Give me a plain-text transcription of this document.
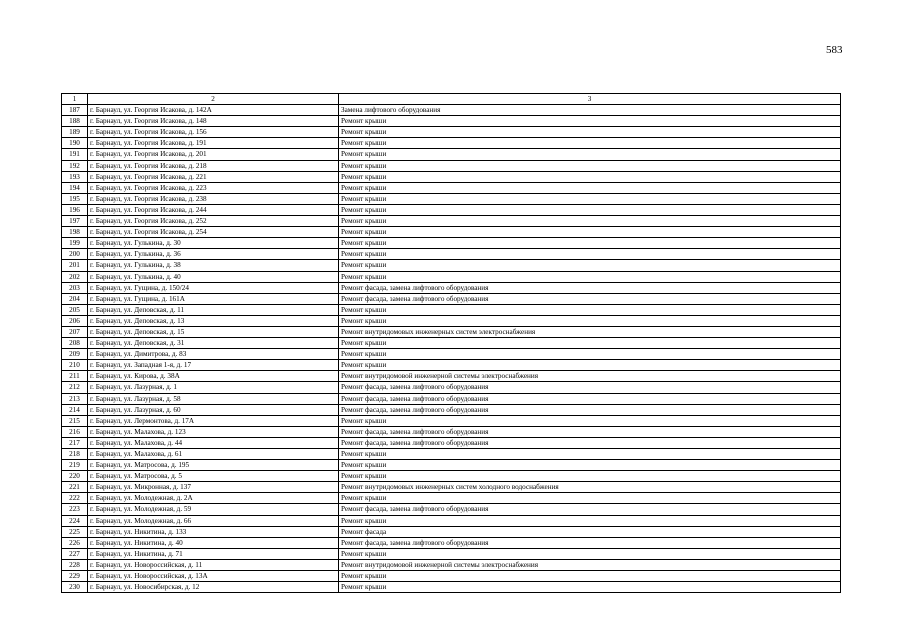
583
1	2	3
187	г. Барнаул, ул. Георгия Исакова, д. 142А	Замена лифтового оборудования
188	г. Барнаул, ул. Георгия Исакова, д. 148	Ремонт крыши
189	г. Барнаул, ул. Георгия Исакова, д. 156	Ремонт крыши
190	г. Барнаул, ул. Георгия Исакова, д. 191	Ремонт крыши
191	г. Барнаул, ул. Георгия Исакова, д. 201	Ремонт крыши
192	г. Барнаул, ул. Георгия Исакова, д. 218	Ремонт крыши
193	г. Барнаул, ул. Георгия Исакова, д. 221	Ремонт крыши
194	г. Барнаул, ул. Георгия Исакова, д. 223	Ремонт крыши
195	г. Барнаул, ул. Георгия Исакова, д. 238	Ремонт крыши
196	г. Барнаул, ул. Георгия Исакова, д. 244	Ремонт крыши
197	г. Барнаул, ул. Георгия Исакова, д. 252	Ремонт крыши
198	г. Барнаул, ул. Георгия Исакова, д. 254	Ремонт крыши
199	г. Барнаул, ул. Гулькина, д. 30	Ремонт крыши
200	г. Барнаул, ул. Гулькина, д. 36	Ремонт крыши
201	г. Барнаул, ул. Гулькина, д. 38	Ремонт крыши
202	г. Барнаул, ул. Гулькина, д. 40	Ремонт крыши
203	г. Барнаул, ул. Гущина, д. 150/24	Ремонт фасада, замена лифтового оборудования
204	г. Барнаул, ул. Гущина, д. 161А	Ремонт фасада, замена лифтового оборудования
205	г. Барнаул, ул. Деповская, д. 11	Ремонт крыши
206	г. Барнаул, ул. Деповская, д. 13	Ремонт крыши
207	г. Барнаул, ул. Деповская, д. 15	Ремонт внутридомовых инженерных систем электроснабжения
208	г. Барнаул, ул. Деповская, д. 31	Ремонт крыши
209	г. Барнаул, ул. Димитрова, д. 83	Ремонт крыши
210	г. Барнаул, ул. Западная 1-я, д. 17	Ремонт крыши
211	г. Барнаул, ул. Кирова, д. 38А	Ремонт внутридомовой инженерной системы электроснабжения
212	г. Барнаул, ул. Лазурная, д. 1	Ремонт фасада, замена лифтового оборудования
213	г. Барнаул, ул. Лазурная, д. 58	Ремонт фасада, замена лифтового оборудования
214	г. Барнаул, ул. Лазурная, д. 60	Ремонт фасада, замена лифтового оборудования
215	г. Барнаул, ул. Лермонтова, д. 17А	Ремонт крыши
216	г. Барнаул, ул. Малахова, д. 123	Ремонт фасада, замена лифтового оборудования
217	г. Барнаул, ул. Малахова, д. 44	Ремонт фасада, замена лифтового оборудования
218	г. Барнаул, ул. Малахова, д. 61	Ремонт крыши
219	г. Барнаул, ул. Матросова, д. 195	Ремонт крыши
220	г. Барнаул, ул. Матросова, д. 5	Ремонт крыши
221	г. Барнаул, ул. Микронная, д. 137	Ремонт внутридомовых инженерных систем холодного водоснабжения
222	г. Барнаул, ул. Молодежная, д. 2А	Ремонт крыши
223	г. Барнаул, ул. Молодежная, д. 59	Ремонт фасада, замена лифтового оборудования
224	г. Барнаул, ул. Молодежная, д. 66	Ремонт крыши
225	г. Барнаул, ул. Никитина, д. 133	Ремонт фасада
226	г. Барнаул, ул. Никитина, д. 40	Ремонт фасада, замена лифтового оборудования
227	г. Барнаул, ул. Никитина, д. 71	Ремонт крыши
228	г. Барнаул, ул. Новороссийская, д. 11	Ремонт внутридомовой инженерной системы электроснабжения
229	г. Барнаул, ул. Новороссийская, д. 13А	Ремонт крыши
230	г. Барнаул, ул. Новосибирская, д. 12	Ремонт крыши
